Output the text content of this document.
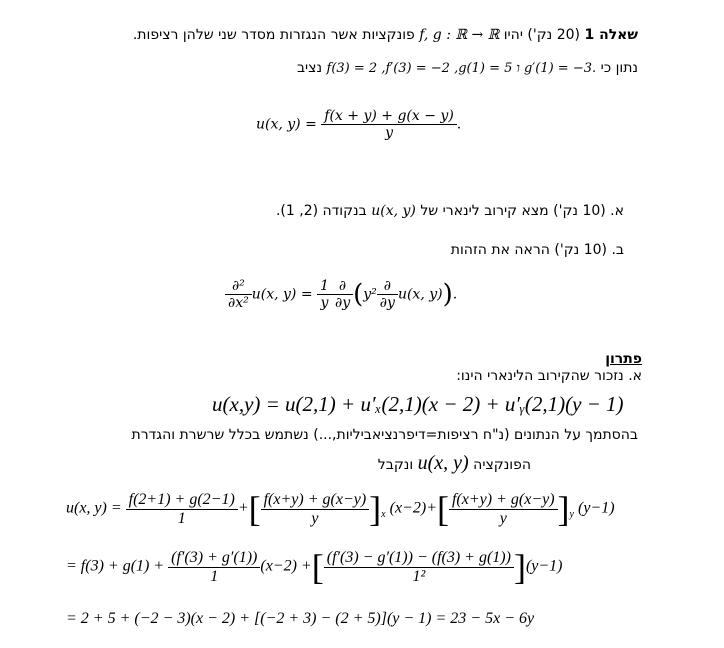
שאלה 1 (20 נק') יהיו f, g : ℝ → ℝ פונקציות אשר הנגזרות מסדר שני שלהן רציפות.
נתון כי f(3) = 2 ,f′(3) = −2 ,g(1) = 5 ו g′(1) = −3. נציב
u(x, $y) = \frac{f(x + y) + g(x - y)}{y}$ .
א. (10 נק') מצא קירוב לינארי של u(x, y) בנקודה (2, 1).
ב. (10 נק') הראה את הזהות
$\frac{\text{∂²}}{\text{∂x²}} u(x$, $y) = \frac{1}{y} \frac{\partial}{\partial y} (y^2 \frac{\partial}{\partial y} u(x$, y)).
פתרון
א. נזכור שהקירוב הלינארי הינו:
u(x,y) = u(2,1) + u′ₓ(2,1)(x − 2) + u′ᵧ(2,1)(y − 1)
בהסתמך על הנתונים (נ"ח רציפות=דיפרנציאביליות,...) נשתמש בכלל שרשרת והגדרת
הפונקציה u(x, y) ונקבל
u(x, $y) = \frac{f(2+1) + g(2-1)}{1}$ +[ $\frac{f(x+y) + g(x-y)}{y} ]_x$ $(x-2)+[ \frac{f(x+y) + g(x-y)}{y} ]_y$ (y−1)
= $f(3) + g(1) + \frac{(f'(3) + g'(1))}{1} (x-2)$ +[ $\frac{(f'(3) - g'(1)) - (f(3) + g(1))}{\text{1²}} ](y-1)$
= 2 + 5 + (−2 − 3)(x − 2) + [(−2 + 3) − (2 + 5)](y − 1) = 23 − 5x − 6y
